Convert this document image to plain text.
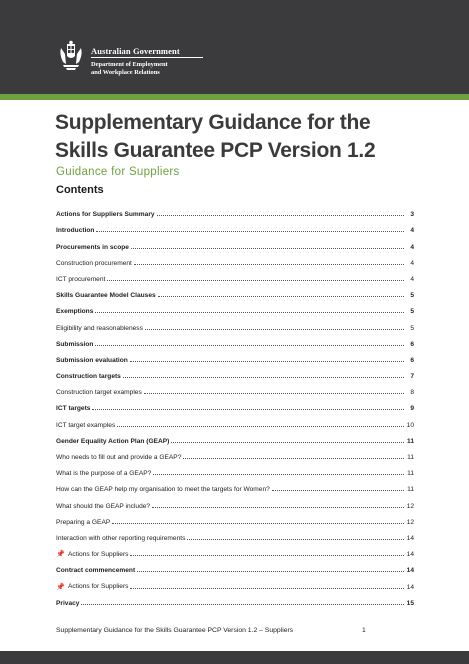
Australian Government
Department of Employment
and Workplace Relations
Supplementary Guidance for the
Skills Guarantee PCP Version 1.2
Guidance for Suppliers
Contents
Actions for Suppliers Summary	3
Introduction	4
Procurements in scope	4
Construction procurement	4
ICT procurement	4
Skills Guarantee Model Clauses	5
Exemptions	5
Eligibility and reasonableness	5
Submission	6
Submission evaluation	6
Construction targets	7
Construction target examples	8
ICT targets	9
ICT target examples	10
Gender Equality Action Plan (GEAP)	11
Who needs to fill out and provide a GEAP?	11
What is the purpose of a GEAP?	11
How can the GEAP help my organisation to meet the targets for Women?	11
What should the GEAP include?	12
Preparing a GEAP	12
Interaction with other reporting requirements	14
📌 Actions for Suppliers	14
Contract commencement	14
📌 Actions for Suppliers	14
Privacy	15
Supplementary Guidance for the Skills Guarantee PCP Version 1.2 – Suppliers	1
